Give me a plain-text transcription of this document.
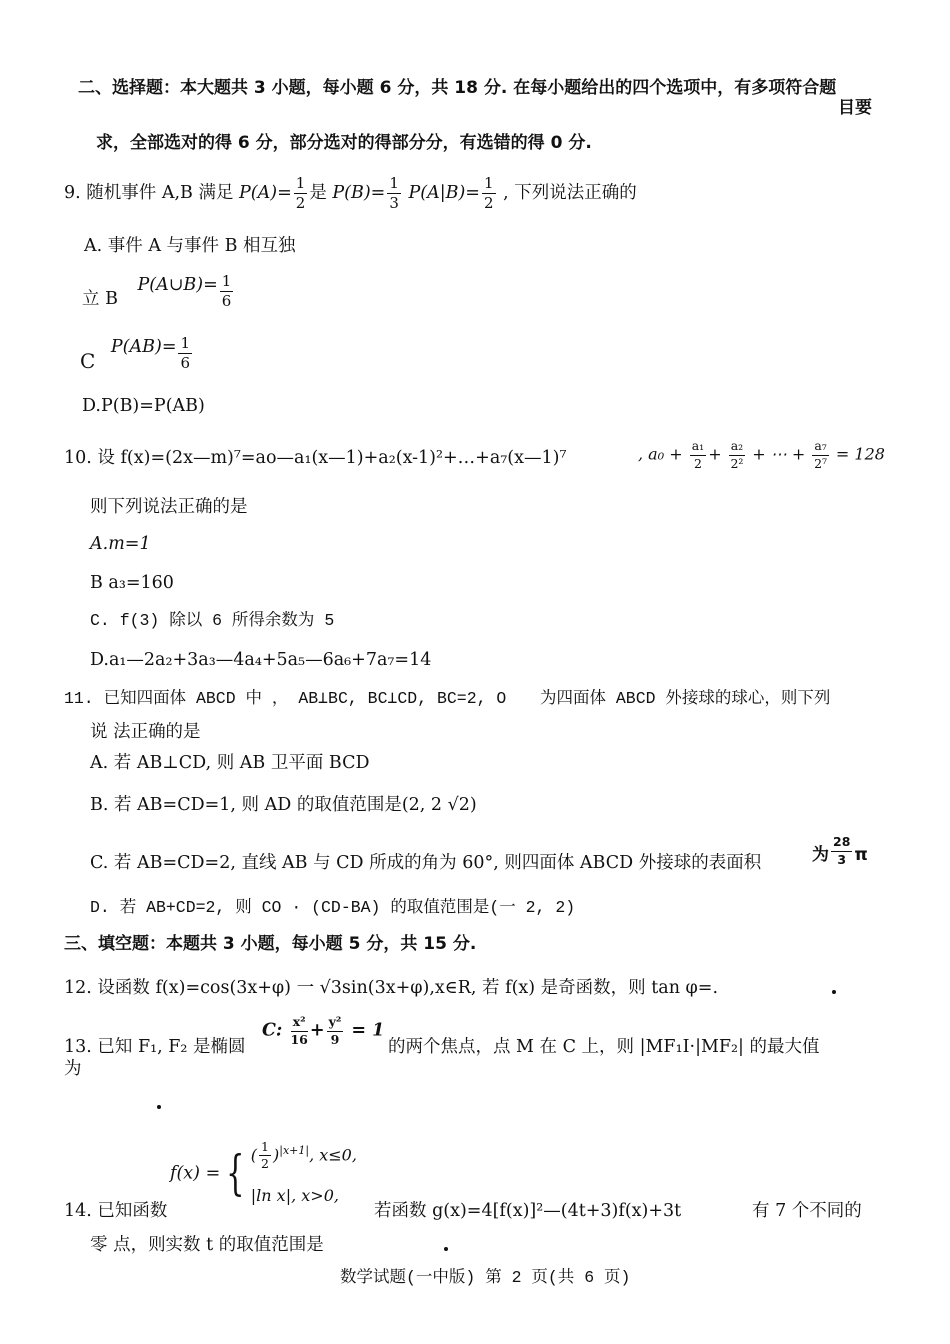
二、选择题：本大题共 3 小题，每小题 6 分，共 18 分. 在每小题给出的四个选项中，有多项符合题
目要
求，全部选对的得 6 分，部分选对的得部分分，有选错的得 0 分.
9. 随机事件 A,B 满足 $P(A)= \frac{1}{2}$ 是 $P(B)= \frac{1}{3} P(A|B)= \frac{1}{2}$ , 下列说法正确的
A. 事件 A 与事件 B 相互独
立 B P(A∪B)= $\frac{1}{6}$
C $P(AB)= \frac{1}{6}$
D.P(B)=P(AB)
10. 设 f(x)=(2x—m)⁷=ao—a₁(x—1)+a₂(x-1)²+…+a₇(x—1)⁷	, $a_0 + \frac{\text{a₁}}{2} + \frac{\text{a₂}}{\text{2²}}$ + ⋯ + $\frac{\text{a₇}}{\text{2⁷}} = 128$
则下列说法正确的是
A.m=1
B a₃=160
C. f(3) 除以 6 所得余数为 5
D.a₁—2a₂+3a₃—4a₄+5a₅—6a₆+7a₇=14
11. 已知四面体 ABCD 中 ， AB⊥BC, BC⊥CD, BC=2, O 为四面体 ABCD 外接球的球心，则下列
说 法正确的是
A. 若 AB⊥CD, 则 AB 卫平面 BCD
B. 若 AB=CD=1, 则 AD 的取值范围是(2, 2 √2)
C. 若 AB=CD=2, 直线 AB 与 CD 所成的角为 60°, 则四面体 ABCD 外接球的表面积	为 $\frac{28}{3}$ π
D. 若 AB+CD=2, 则 CO · (CD-BA) 的取值范围是(一 2, 2)
三、填空题：本题共 3 小题，每小题 5 分，共 15 分.
12. 设函数 f(x)=cos(3x+φ) 一 √3sin(3x+φ),x∈R, 若 f(x) 是奇函数，则 tan φ=.
13. 已知 F₁, F₂ 是椭圆
C: $\frac{\text{x²}}{16} + \frac{\text{y²}}{9} = 1$
的两个焦点，点 M 在 C 上，则 |MF₁I·|MF₂| 的最大值
为
f(x) = { ( $\frac{1}{2} )^{|x+1|}$, x≤0,
|ln x|, x>0,
14. 已知函数	若函数 g(x)=4[f(x)]²—(4t+3)f(x)+3t	有 7 个不同的
零 点，则实数 t 的取值范围是
数学试题(一中版) 第 2 页(共 6 页)
